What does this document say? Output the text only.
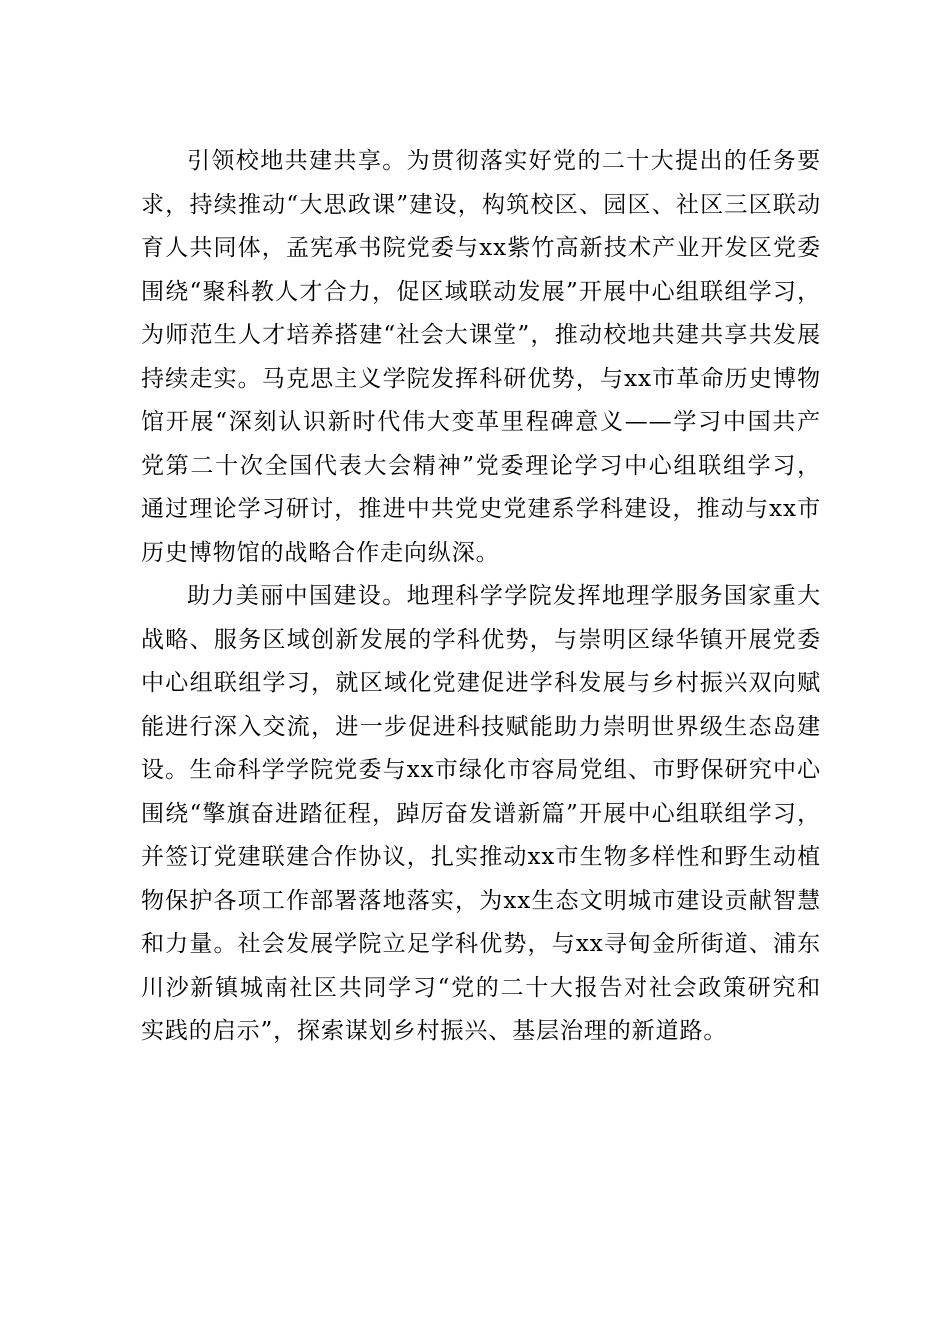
引领校地共建共享。为贯彻落实好党的二十大提出的任务要求，持续推动“大思政课”建设，构筑校区、园区、社区三区联动育人共同体，孟宪承书院党委与xx紫竹高新技术产业开发区党委围绕“聚科教人才合力，促区域联动发展”开展中心组联组学习，为师范生人才培养搭建“社会大课堂”，推动校地共建共享共发展持续走实。马克思主义学院发挥科研优势，与xx市革命历史博物馆开展“深刻认识新时代伟大变革里程碑意义——学习中国共产党第二十次全国代表大会精神”党委理论学习中心组联组学习，通过理论学习研讨，推进中共党史党建系学科建设，推动与xx市历史博物馆的战略合作走向纵深。

助力美丽中国建设。地理科学学院发挥地理学服务国家重大战略、服务区域创新发展的学科优势，与崇明区绿华镇开展党委中心组联组学习，就区域化党建促进学科发展与乡村振兴双向赋能进行深入交流，进一步促进科技赋能助力崇明世界级生态岛建设。生命科学学院党委与xx市绿化市容局党组、市野保研究中心围绕“擎旗奋进踏征程，踔厉奋发谱新篇”开展中心组联组学习，并签订党建联建合作协议，扎实推动xx市生物多样性和野生动植物保护各项工作部署落地落实，为xx生态文明城市建设贡献智慧和力量。社会发展学院立足学科优势，与xx寻甸金所街道、浦东川沙新镇城南社区共同学习“党的二十大报告对社会政策研究和实践的启示”，探索谋划乡村振兴、基层治理的新道路。
